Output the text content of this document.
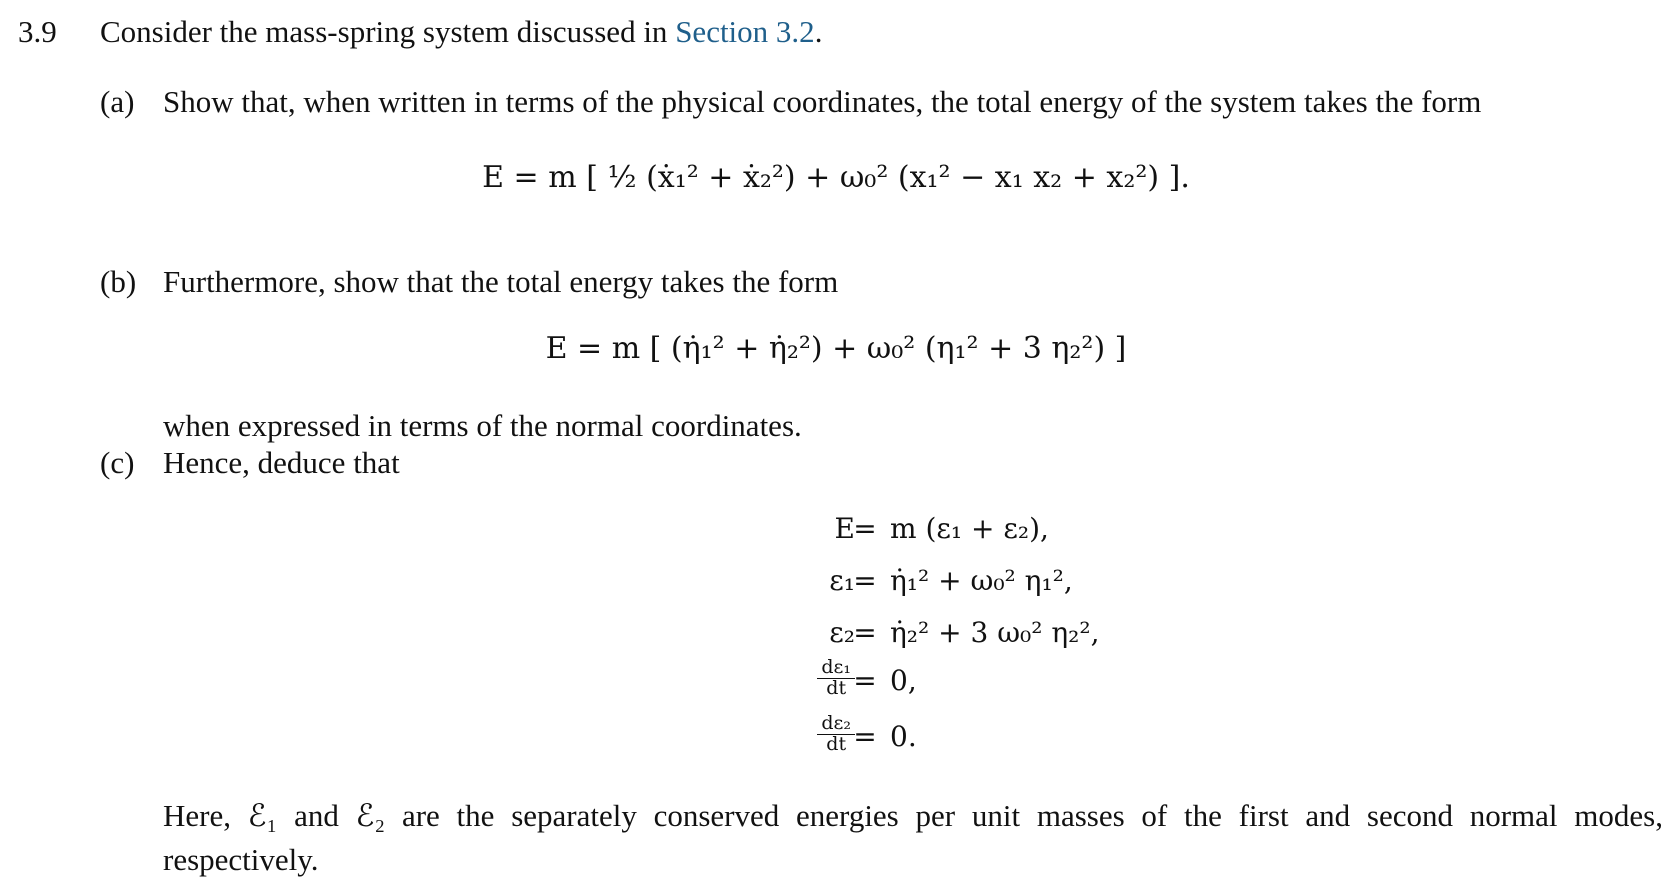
3.9 Consider the mass-spring system discussed in Section 3.2.
(a) Show that, when written in terms of the physical coordinates, the total energy of the system takes the form
E = m [ ½ (ẋ₁² + ẋ₂²) + ω₀² (x₁² − x₁ x₂ + x₂²) ].
(b) Furthermore, show that the total energy takes the form
E = m [ (η̇₁² + η̇₂²) + ω₀² (η₁² + 3 η₂²) ]
when expressed in terms of the normal coordinates.
(c) Hence, deduce that
E
= m (ε₁ + ε₂),
ε₁
= η̇₁² + ω₀² η₁²,
ε₂
= η̇₂² + 3 ω₀² η₂²,
$\frac{\text{dε₁}}{dt}$
= 0,
$\frac{\text{dε₂}}{dt}$
= 0.
Here, ℰ₁ and ℰ₂ are the separately conserved energies per unit masses of the first and second normal modes, respectively.
